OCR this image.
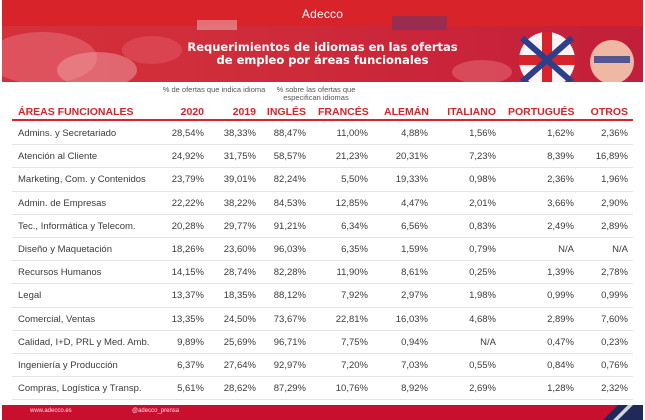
Adecco
Requerimientos de idiomas en las ofertas
de empleo por áreas funcionales
% de ofertas que indica idioma	% sobre las ofertas que especifican idiomas
ÁREAS FUNCIONALES	2020	2019 INGLÉS FRANCÉS ALEMÁN	ITALIANO PORTUGUÉS OTROS
Admins. y Secretariado	28,54%	38,33%	88,47%	11,00%	4,88%	1,56%	1,62%	2,36%
Atención al Cliente	24,92%	31,75%	58,57%	21,23%	20,31%	7,23%	8,39%	16,89%
Marketing, Com. y Contenidos	23,79%	39,01%	82,24%	5,50%	19,33%	0,98%	2,36%	1,96%
Admin. de Empresas	22,22%	38,22%	84,53%	12,85%	4,47%	2,01%	3,66%	2,90%
Tec., Informática y Telecom.	20,28%	29,77%	91,21%	6,34%	6,56%	0,83%	2,49%	2,89%
Diseño y Maquetación	18,26%	23,60%	96,03%	6,35%	1,59%	0,79%	N/A	N/A
Recursos Humanos	14,15%	28,74%	82,28%	11,90%	8,61%	0,25%	1,39%	2,78%
Legal	13,37%	18,35%	88,12%	7,92%	2,97%	1,98%	0,99%	0,99%
Comercial, Ventas	13,35%	24,50%	73,67%	22,81%	16,03%	4,68%	2,89%	7,60%
Calidad, I+D, PRL y Med. Amb.	9,89%	25,69%	96,71%	7,75%	0,94%	N/A	0,47%	0,23%
Ingeniería y Producción	6,37%	27,64%	92,97%	7,20%	7,03%	0,55%	0,84%	0,76%
Compras, Logística y Transp.	5,61%	28,62%	87,29%	10,76%	8,92%	2,69%	1,28%	2,32%
www.adecco.es	@adecco_prensa
